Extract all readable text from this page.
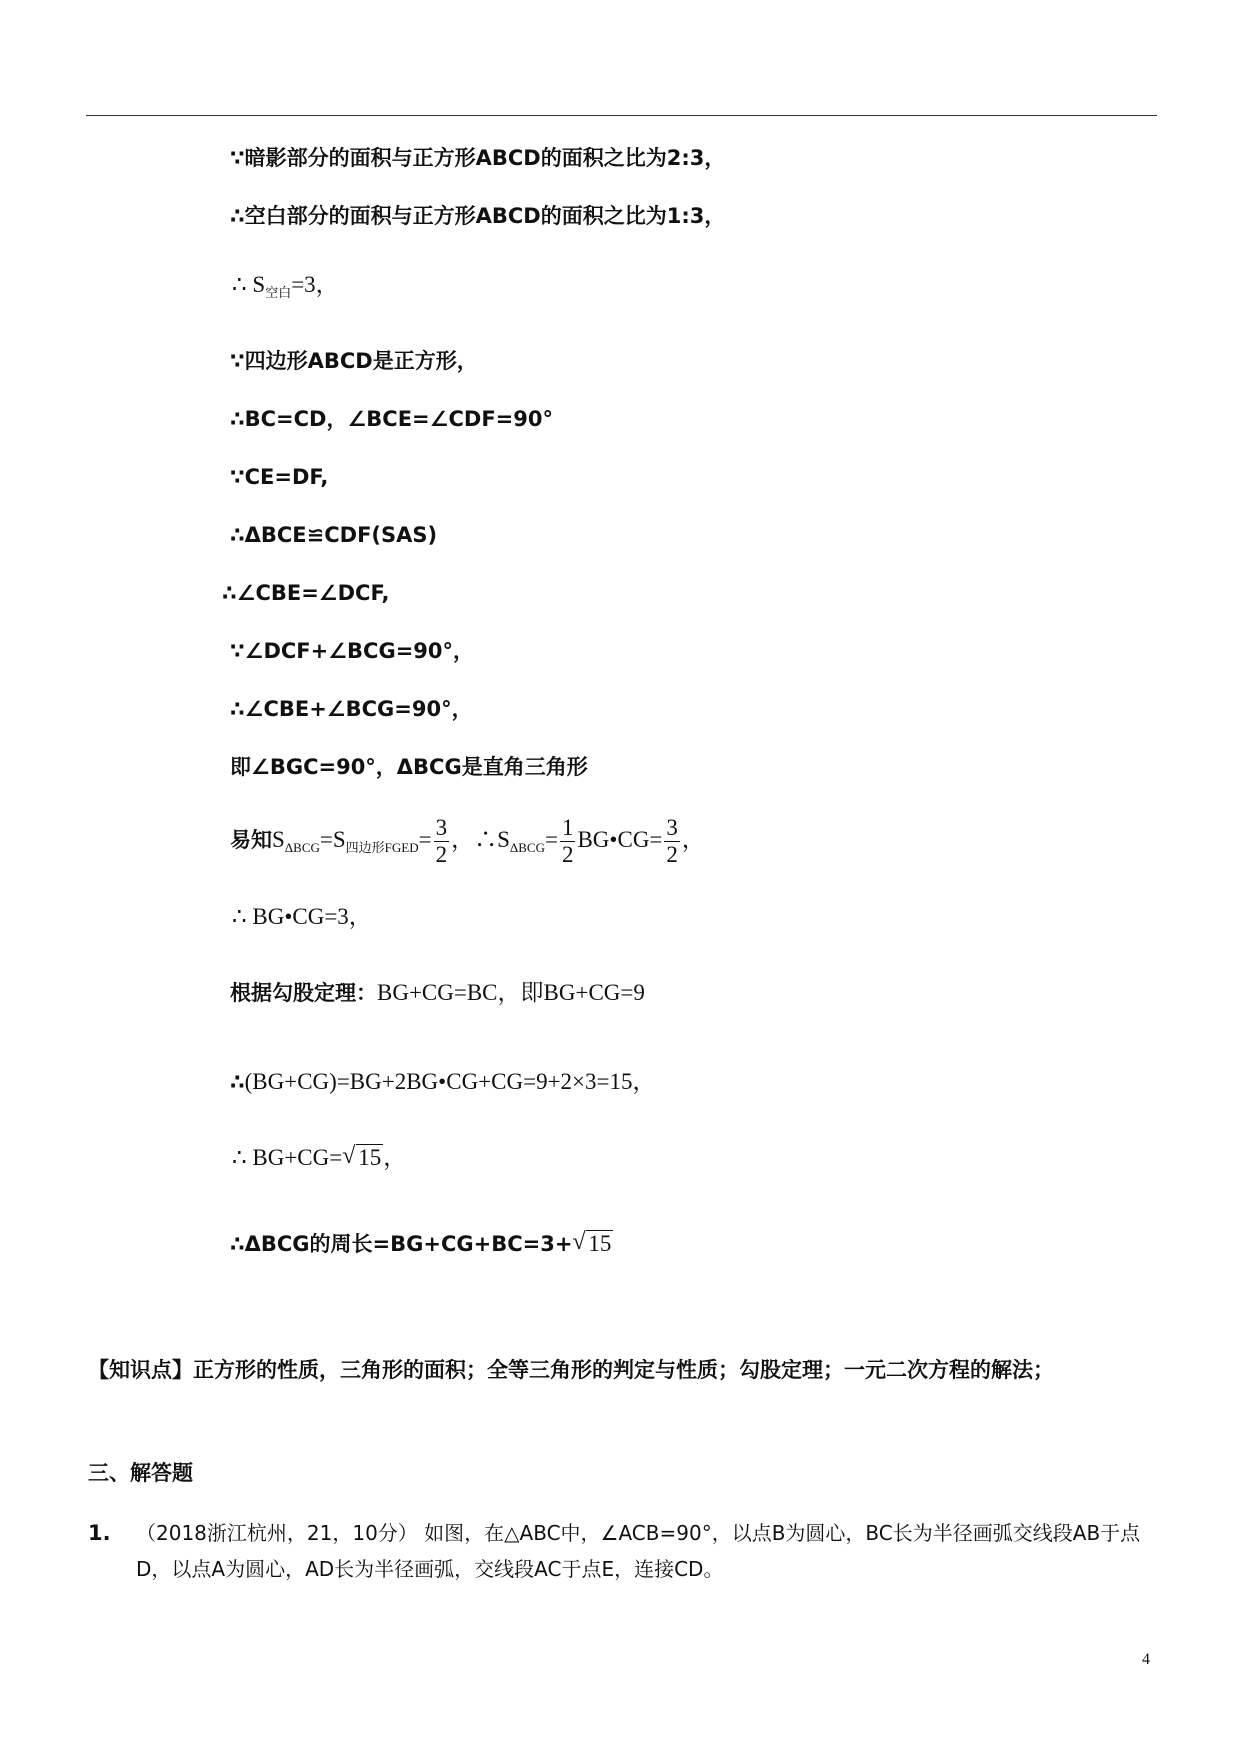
∵暗影部分的面积与正方形ABCD的面积之比为2:3，
∴空白部分的面积与正方形ABCD的面积之比为1:3，
∴ $S_{空白}=3$，
∵四边形ABCD是正方形，
∴BC=CD，∠BCE=∠CDF=90°
∵CE=DF,
∴ΔBCE≌CDF(SAS)
∴∠CBE=∠DCF,
∵∠DCF+∠BCG=90°，
∴∠CBE+∠BCG=90°，
即∠BGC=90°，ΔBCG是直角三角形
易知$S_{\Delta BCG}=S_{四边形FGED}= \frac{3}{2}$ ，$\therefore S_{\Delta BCG}= \frac{1}{2}$ BG•CG= $\frac{3}{2}$ ，
∴ BG•CG=3，
根据勾股定理：BG+CG=BC，即BG+CG=9
∴(BG+CG)=BG+2BG•CG+CG=9+2×3=15，
∴ BG+CG= √ 15，
∴ΔBCG的周长=BG+CG+BC=3+ √ 15
【知识点】正方形的性质，三角形的面积；全等三角形的判定与性质；勾股定理；一元二次方程的解法；
三、解答题
1. （2018浙江杭州，21，10分） 如图，在△ABC中，∠ACB=90°，以点B为圆心，BC长为半径画弧交线段AB于点D，以点A为圆心，AD长为半径画弧，交线段AC于点E，连接CD。
4
